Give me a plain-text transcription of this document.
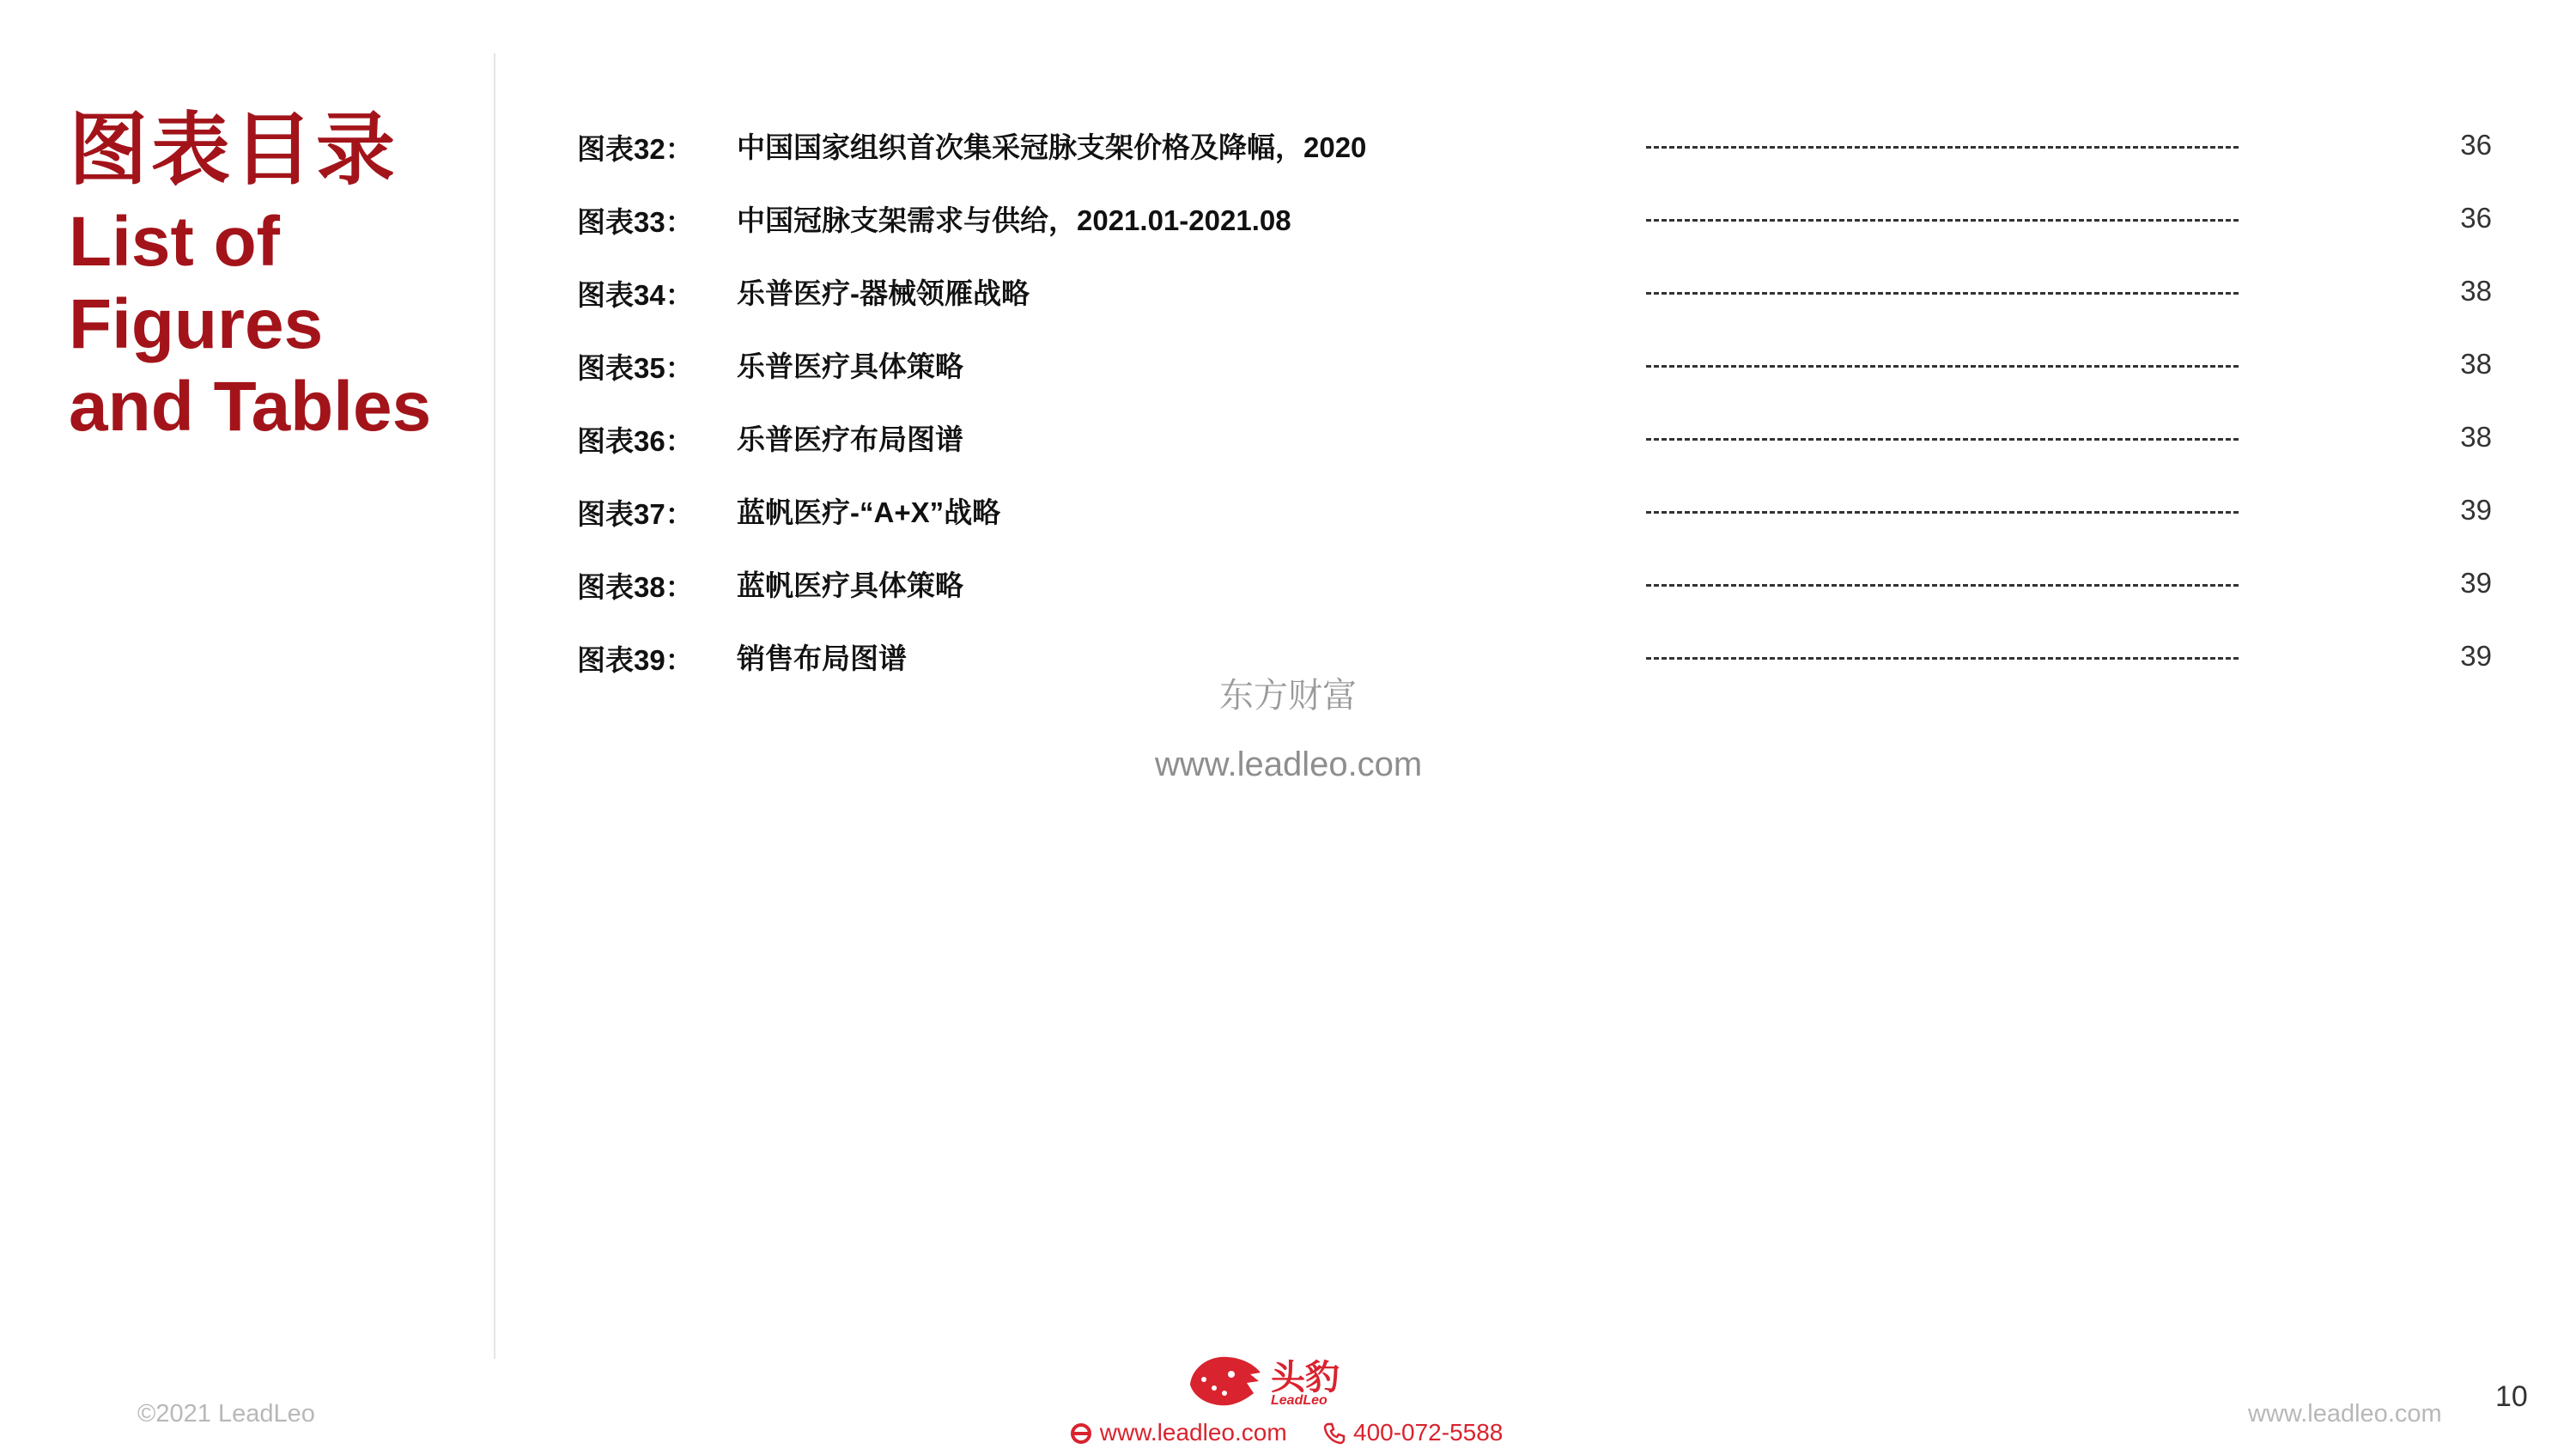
图表目录
List of
Figures
and Tables
图表32：	中国国家组织首次集采冠脉支架价格及降幅，2020	36
图表33：	中国冠脉支架需求与供给，2021.01-2021.08	36
图表34：	乐普医疗-器械领雁战略	38
图表35：	乐普医疗具体策略	38
图表36：	乐普医疗布局图谱	38
图表37：	蓝帆医疗-“A+X”战略	39
图表38：	蓝帆医疗具体策略	39
图表39：	销售布局图谱	39
东方财富
www.leadleo.com
©2021 LeadLeo
头豹
LeadLeo
www.leadleo.com	400-072-5588
www.leadleo.com
10
